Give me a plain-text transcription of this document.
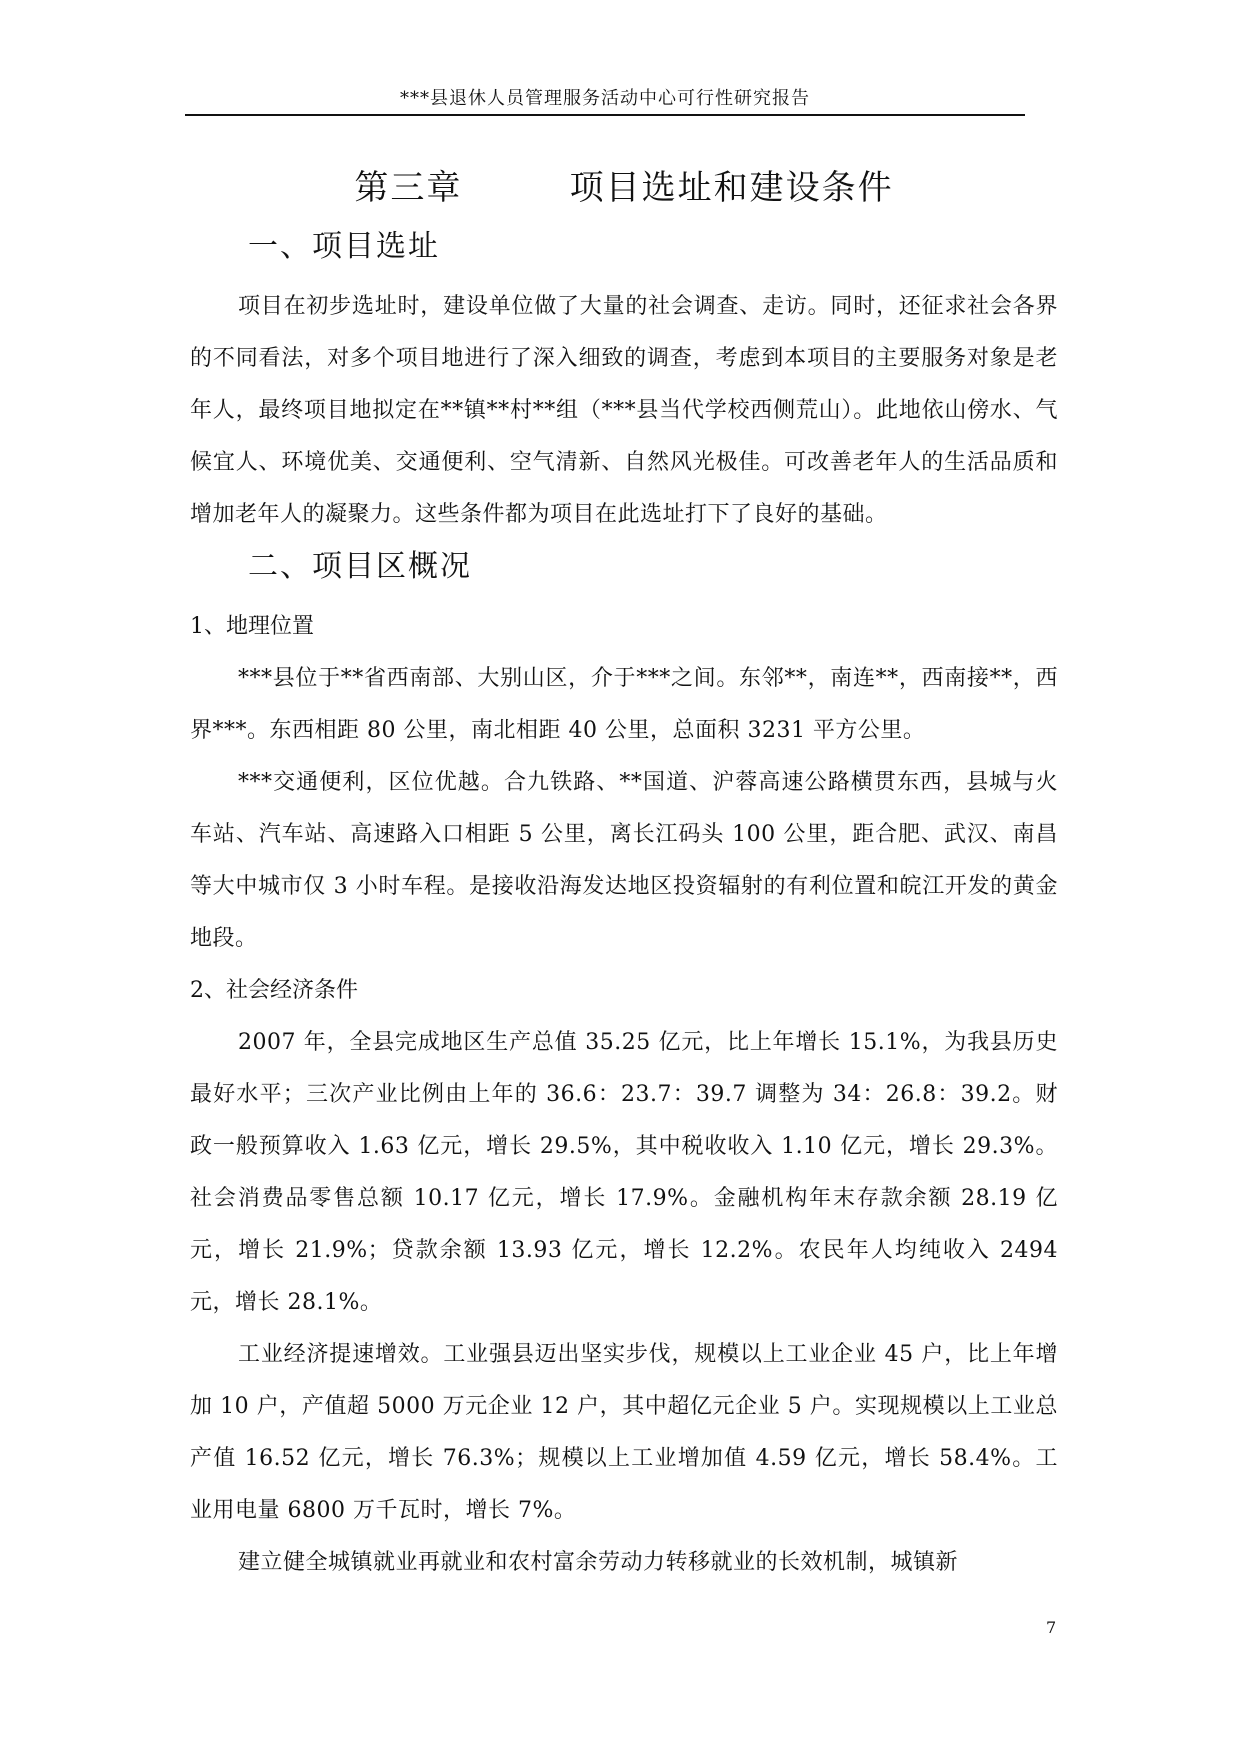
***县退休人员管理服务活动中心可行性研究报告
第三章    项目选址和建设条件
一、项目选址

项目在初步选址时，建设单位做了大量的社会调查、走访。同时，还征求社会各界的不同看法，对多个项目地进行了深入细致的调查，考虑到本项目的主要服务对象是老年人，最终项目地拟定在**镇**村**组（***县当代学校西侧荒山）。此地依山傍水、气候宜人、环境优美、交通便利、空气清新、自然风光极佳。可改善老年人的生活品质和增加老年人的凝聚力。这些条件都为项目在此选址打下了良好的基础。

二、项目区概况

1、地理位置

***县位于**省西南部、大别山区，介于***之间。东邻**，南连**，西南接**，西界***。东西相距 80 公里，南北相距 40 公里，总面积 3231 平方公里。

***交通便利，区位优越。合九铁路、**国道、沪蓉高速公路横贯东西，县城与火车站、汽车站、高速路入口相距 5 公里，离长江码头 100 公里，距合肥、武汉、南昌等大中城市仅 3 小时车程。是接收沿海发达地区投资辐射的有利位置和皖江开发的黄金地段。

2、社会经济条件

2007 年，全县完成地区生产总值 35.25 亿元，比上年增长 15.1%，为我县历史最好水平；三次产业比例由上年的 36.6：23.7：39.7 调整为 34：26.8：39.2。财政一般预算收入 1.63 亿元，增长 29.5%，其中税收收入 1.10 亿元，增长 29.3%。社会消费品零售总额 10.17 亿元，增长 17.9%。金融机构年末存款余额 28.19 亿元，增长 21.9%；贷款余额 13.93 亿元，增长 12.2%。农民年人均纯收入 2494 元，增长 28.1%。

工业经济提速增效。工业强县迈出坚实步伐，规模以上工业企业 45 户，比上年增加 10 户，产值超 5000 万元企业 12 户，其中超亿元企业 5 户。实现规模以上工业总产值 16.52 亿元，增长 76.3%；规模以上工业增加值 4.59 亿元，增长 58.4%。工业用电量 6800 万千瓦时，增长 7%。

建立健全城镇就业再就业和农村富余劳动力转移就业的长效机制，城镇新

7
